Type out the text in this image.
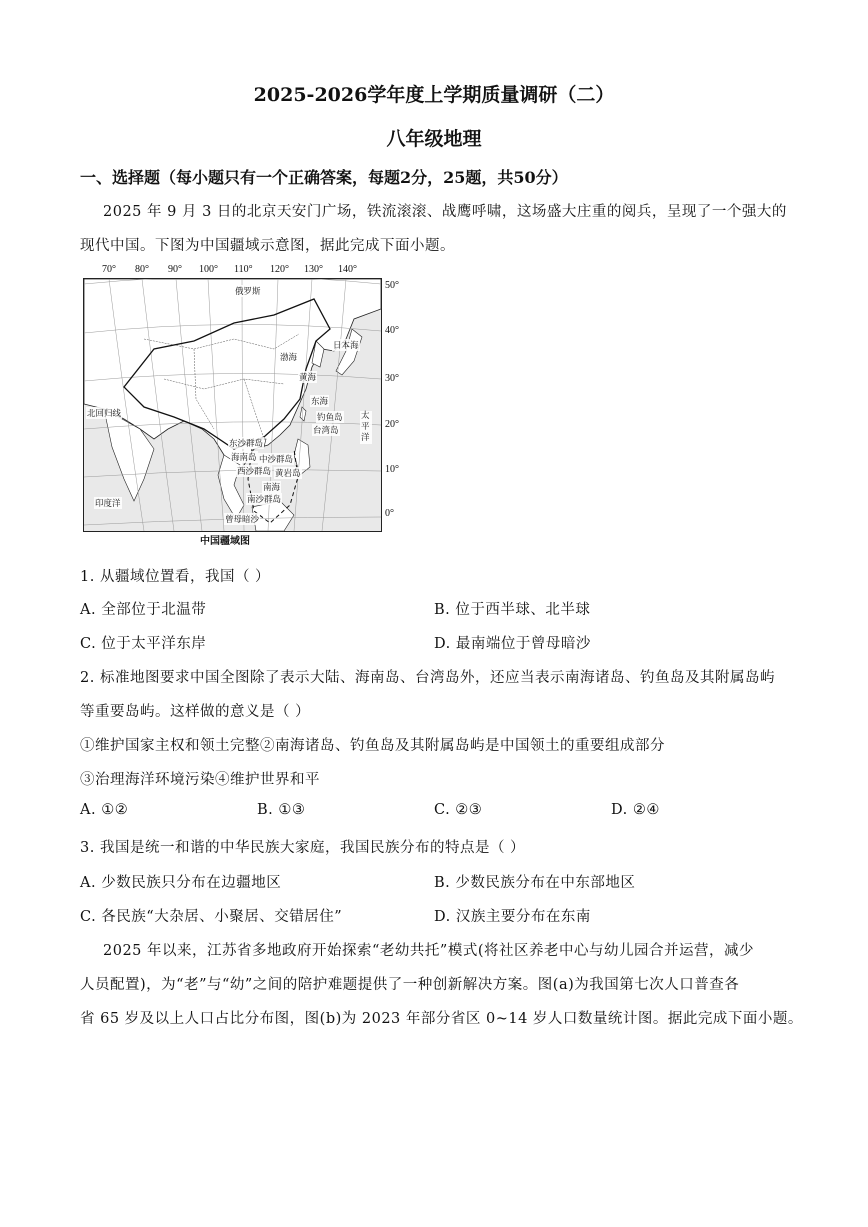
2025-2026学年度上学期质量调研（二）
八年级地理
一、选择题（每小题只有一个正确答案，每题2分，25题，共50分）
2025 年 9 月 3 日的北京天安门广场，铁流滚滚、战鹰呼啸，这场盛大庄重的阅兵，呈现了一个强大的
现代中国。下图为中国疆域示意图，据此完成下面小题。
70° 80° 90° 100° 110° 120° 130° 140°
50°
40°
30°
20°
10°
0°
俄罗斯
日本海
渤海
黄海
东海
钓鱼岛
台湾岛
太平洋
东沙群岛
海南岛 中沙群岛
西沙群岛 黄岩岛
南海
南沙群岛
曾母暗沙
印度洋
北回归线
中国疆域图
1. 从疆域位置看，我国（ ）
A. 全部位于北温带	B. 位于西半球、北半球
C. 位于太平洋东岸	D. 最南端位于曾母暗沙
2. 标准地图要求中国全图除了表示大陆、海南岛、台湾岛外，还应当表示南海诸岛、钓鱼岛及其附属岛屿
等重要岛屿。这样做的意义是（ ）
①维护国家主权和领土完整②南海诸岛、钓鱼岛及其附属岛屿是中国领土的重要组成部分
③治理海洋环境污染④维护世界和平
A. ①②	B. ①③	C. ②③	D. ②④
3. 我国是统一和谐的中华民族大家庭，我国民族分布的特点是（ ）
A. 少数民族只分布在边疆地区	B. 少数民族分布在中东部地区
C. 各民族“大杂居、小聚居、交错居住”	D. 汉族主要分布在东南
2025 年以来，江苏省多地政府开始探索“老幼共托”模式(将社区养老中心与幼儿园合并运营，减少
人员配置)，为“老”与“幼”之间的陪护难题提供了一种创新解决方案。图(a)为我国第七次人口普查各
省 65 岁及以上人口占比分布图，图(b)为 2023 年部分省区 0~14 岁人口数量统计图。据此完成下面小题。
